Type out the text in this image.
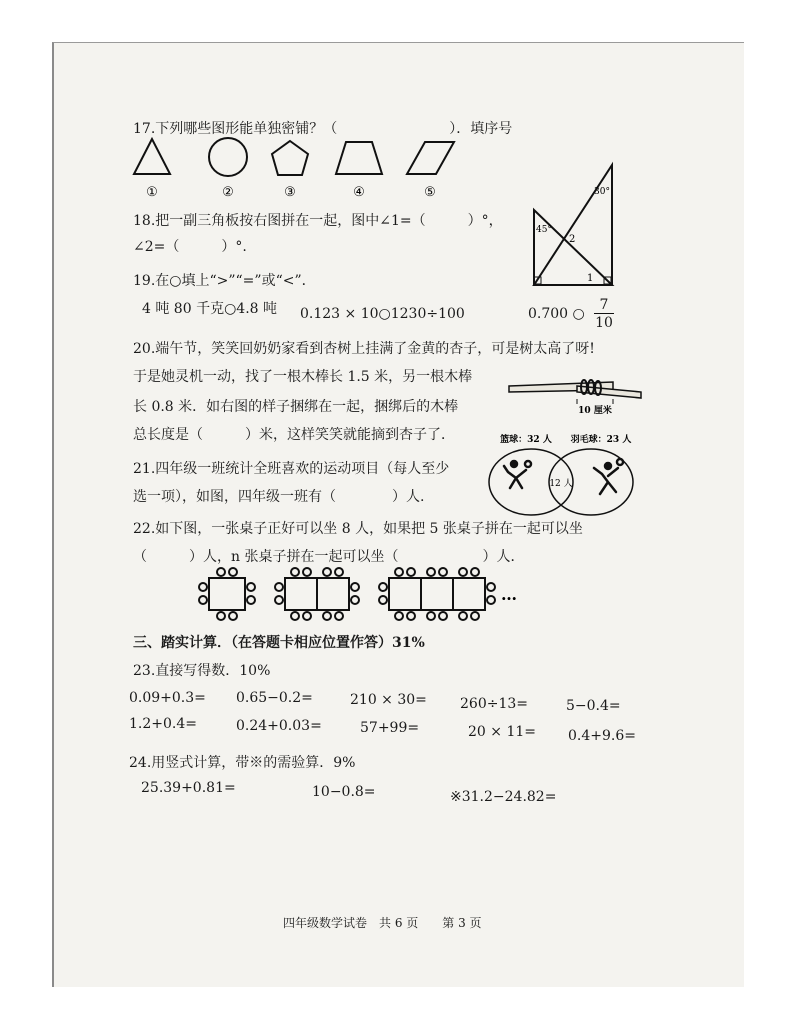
17.下列哪些图形能单独密铺？（　　　　　　　　）．填序号
①	②	③	④	⑤
18.把一副三角板按右图拼在一起，图中∠1=（　　　）°，
∠2=（　　　）°.
45°
30°
2
1
19.在○填上“>”“=”或“<”．
4 吨 80 千克○4.8 吨 0.123 × 10○1230÷100	0.700 ○ $\frac{7}{10}$
20.端午节，笑笑回奶奶家看到杏树上挂满了金黄的杏子，可是树太高了呀!
于是她灵机一动，找了一根木棒长 1.5 米，另一根木棒
长 0.8 米．如右图的样子捆绑在一起，捆绑后的木棒
总长度是（　　　）米，这样笑笑就能摘到杏子了．
10 厘米
21.四年级一班统计全班喜欢的运动项目（每人至少
选一项），如图，四年级一班有（　　　　）人.
篮球：32 人 羽毛球：23 人
12 人
22.如下图，一张桌子正好可以坐 8 人，如果把 5 张桌子拼在一起可以坐
（　　　）人，n 张桌子拼在一起可以坐（　　　　　　）人．
…
三、踏实计算．（在答题卡相应位置作答）31%
23.直接写得数．10%
0.09+0.3= 0.65−0.2=	210 × 30= 260÷13=	5−0.4=
1.2+0.4=	0.24+0.03=	57+99=	20 × 11= 0.4+9.6=
24.用竖式计算，带※的需验算．9%
25.39+0.81=	10−0.8=	※31.2−24.82=
四年级数学试卷　共 6 页　　第 3 页
